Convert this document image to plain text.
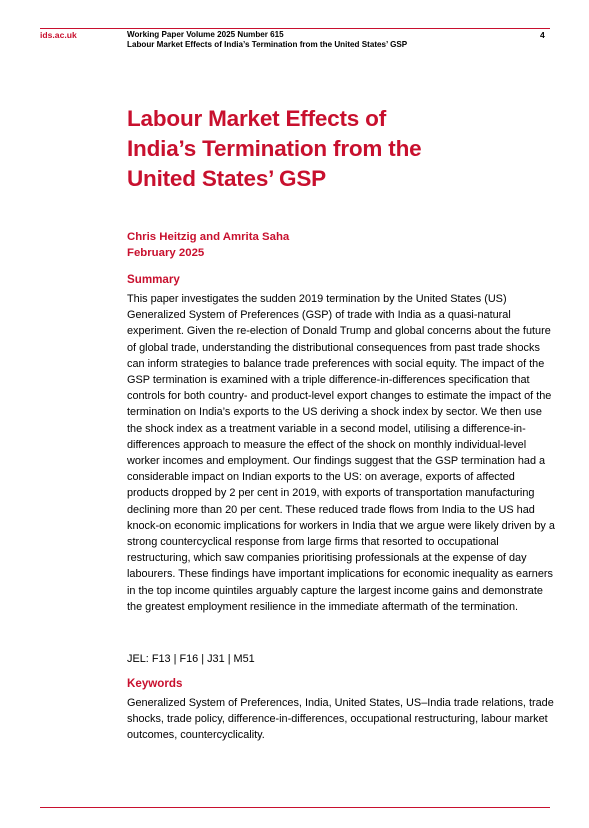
ids.ac.uk	Working Paper Volume 2025 Number 615
Labour Market Effects of India’s Termination from the United States’ GSP
4
Labour Market Effects of
India’s Termination from the
United States’ GSP
Chris Heitzig and Amrita Saha
February 2025
Summary

This paper investigates the sudden 2019 termination by the United States (US) Generalized System of Preferences (GSP) of trade with India as a quasi-natural experiment. Given the re-election of Donald Trump and global concerns about the future of global trade, understanding the distributional consequences from past trade shocks can inform strategies to balance trade preferences with social equity. The impact of the GSP termination is examined with a triple difference-in-differences specification that controls for both country- and product-level export changes to estimate the impact of the termination on India’s exports to the US deriving a shock index by sector. We then use the shock index as a treatment variable in a second model, utilising a difference-in-differences approach to measure the effect of the shock on monthly individual-level worker incomes and employment. Our findings suggest that the GSP termination had a considerable impact on Indian exports to the US: on average, exports of affected products dropped by 2 per cent in 2019, with exports of transportation manufacturing declining more than 20 per cent. These reduced trade flows from India to the US had knock-on economic implications for workers in India that we argue were likely driven by a strong countercyclical response from large firms that resorted to occupational restructuring, which saw companies prioritising professionals at the expense of day labourers. These findings have important implications for economic inequality as earners in the top income quintiles arguably capture the largest income gains and demonstrate the greatest employment resilience in the immediate aftermath of the termination.

JEL: F13 | F16 | J31 | M51

Keywords

Generalized System of Preferences, India, United States, US–India trade relations, trade shocks, trade policy, difference-in-differences, occupational restructuring, labour market outcomes, countercyclicality.
